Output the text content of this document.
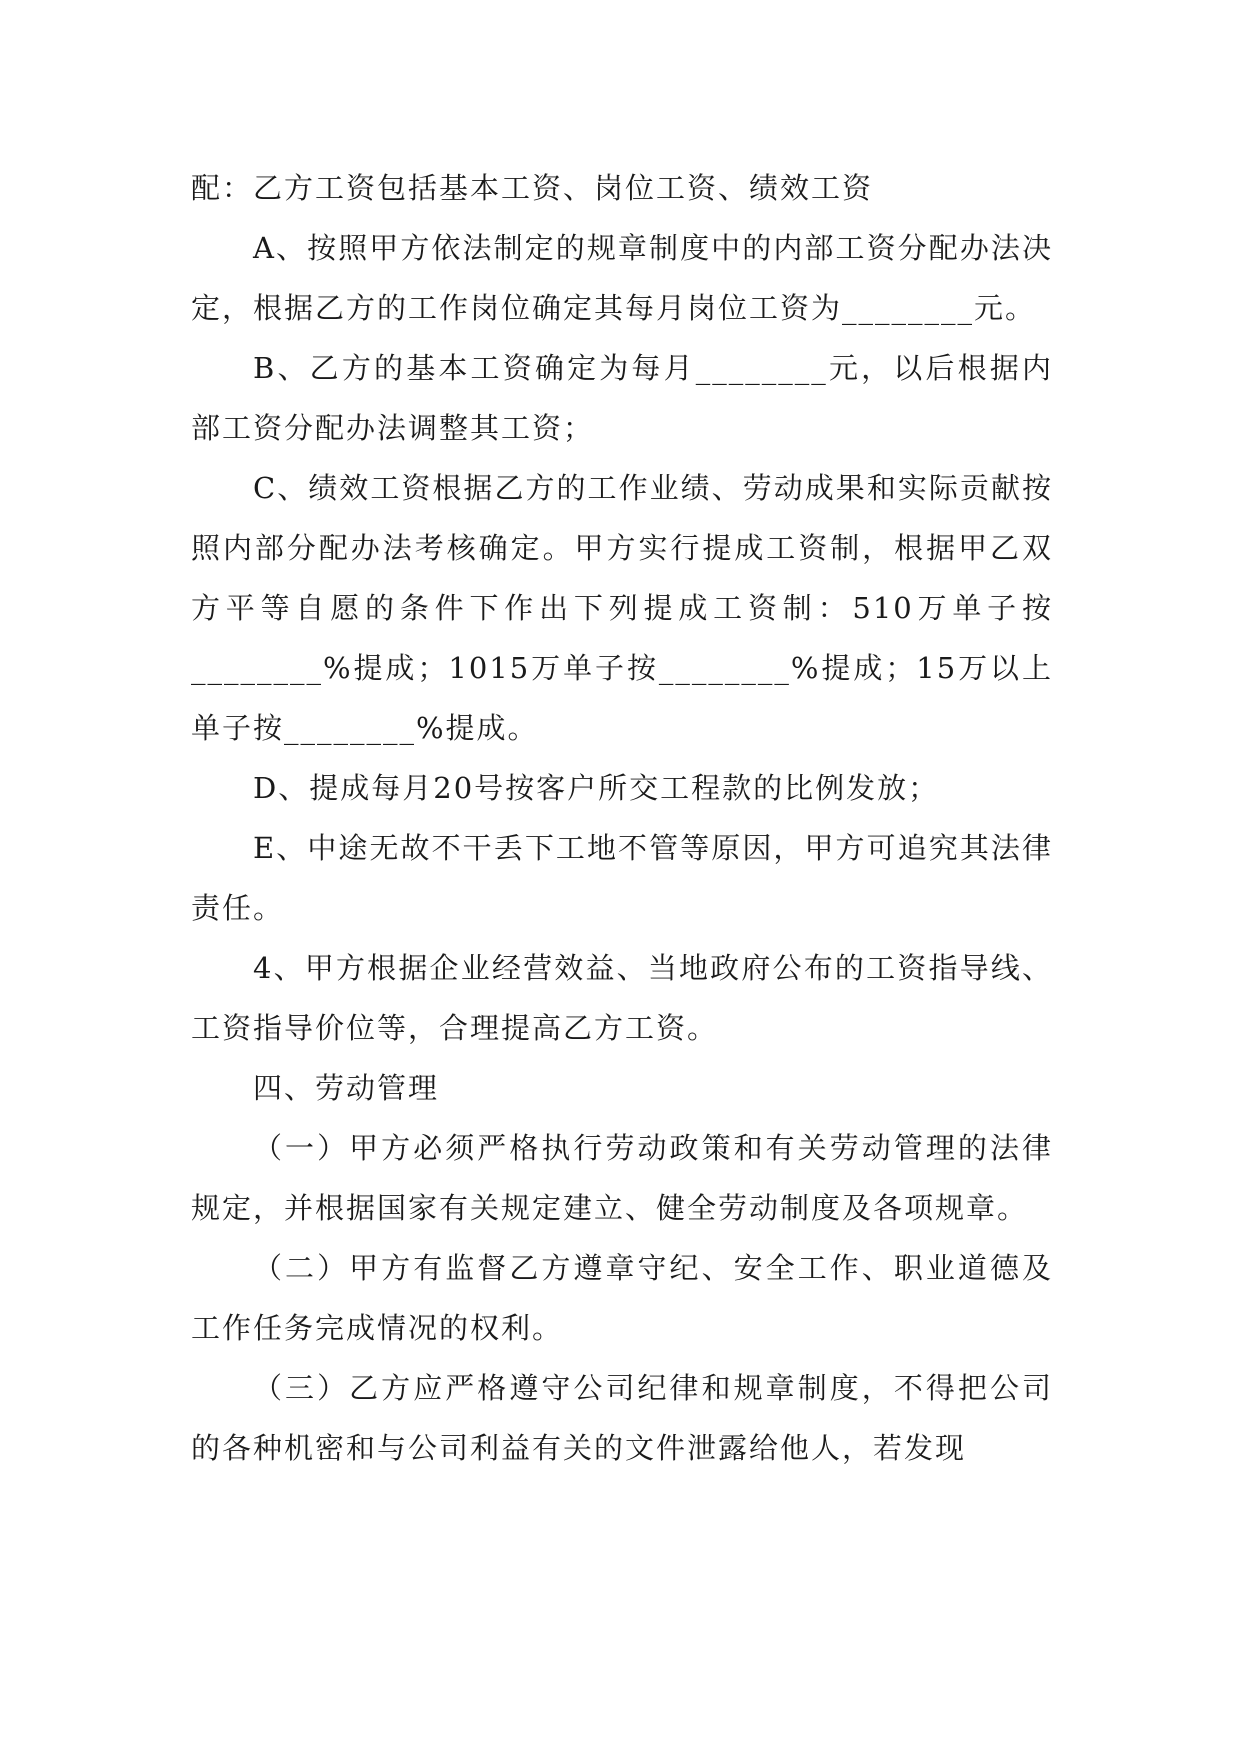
配：乙方工资包括基本工资、岗位工资、绩效工资

A、按照甲方依法制定的规章制度中的内部工资分配办法决定，根据乙方的工作岗位确定其每月岗位工资为________元。

B、乙方的基本工资确定为每月________元，以后根据内部工资分配办法调整其工资；

C、绩效工资根据乙方的工作业绩、劳动成果和实际贡献按照内部分配办法考核确定。甲方实行提成工资制，根据甲乙双方平等自愿的条件下作出下列提成工资制：510万单子按________%提成；1015万单子按________%提成；15万以上单子按________%提成。

D、提成每月20号按客户所交工程款的比例发放；

E、中途无故不干丢下工地不管等原因，甲方可追究其法律责任。

4、甲方根据企业经营效益、当地政府公布的工资指导线、工资指导价位等，合理提高乙方工资。

四、劳动管理

（一）甲方必须严格执行劳动政策和有关劳动管理的法律规定，并根据国家有关规定建立、健全劳动制度及各项规章。

（二）甲方有监督乙方遵章守纪、安全工作、职业道德及工作任务完成情况的权利。

（三）乙方应严格遵守公司纪律和规章制度，不得把公司的各种机密和与公司利益有关的文件泄露给他人，若发现
